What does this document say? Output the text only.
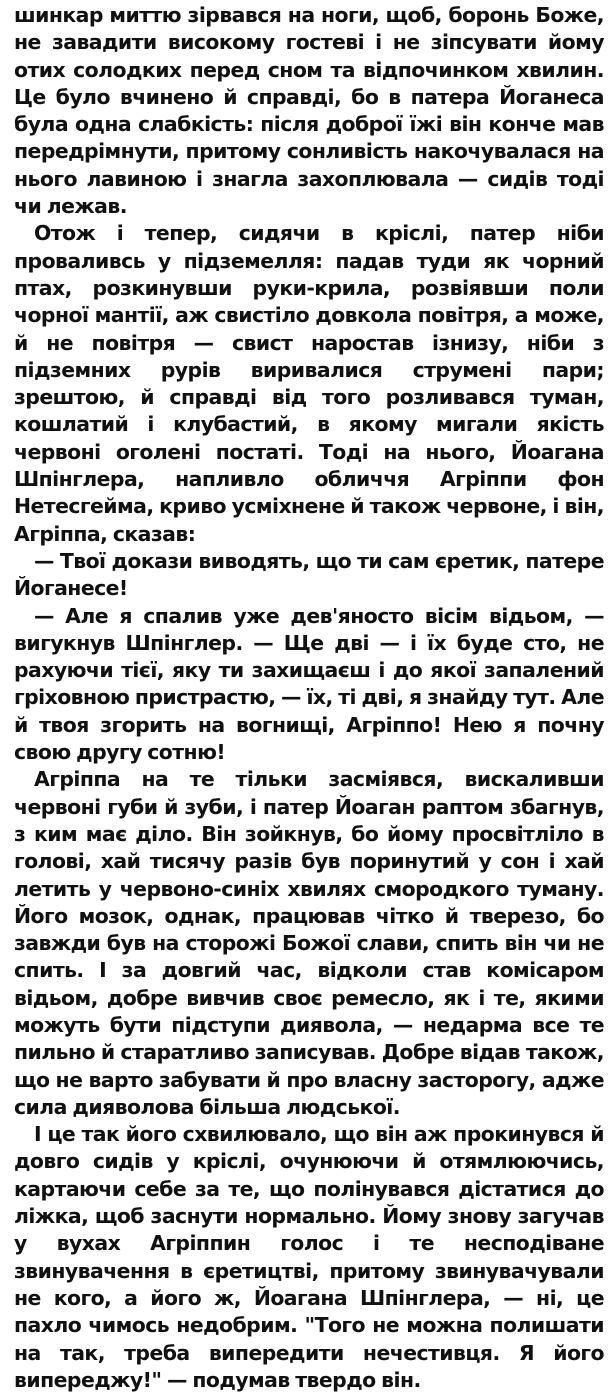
шинкар миттю зірвався на ноги, щоб, боронь Боже, не завадити високому гостеві і не зіпсувати йому отих солодких перед сном та відпочинком хвилин. Це було вчинено й справді, бо в патера Йоганеса була одна слабкість: після доброї їжі він конче мав передрімнути, притому сонливість накочувалася на нього лавиною і знагла захоплювала — сидів тоді чи лежав.

Отож і тепер, сидячи в кріслі, патер ніби проваливсь у підземелля: падав туди як чорний птах, розкинувши руки-крила, розвіявши поли чорної мантії, аж свистіло довкола повітря, а може, й не повітря — свист наростав ізнизу, ніби з підземних рурів виривалися струмені пари; зрештою, й справді від того розливався туман, кошлатий і клубастий, в якому мигали якість червоні оголені постаті. Тоді на нього, Йоагана Шпінглера, напливло обличчя Агріппи фон Нетесгейма, криво усміхнене й також червоне, і він, Агріппа, сказав:

— Твої докази виводять, що ти сам єретик, патере Йоганесе!

— Але я спалив уже дев'яносто вісім відьом, — вигукнув Шпінглер. — Ще дві — і їх буде сто, не рахуючи тієї, яку ти захищаєш і до якої запалений гріховною пристрастю, — їх, ті дві, я знайду тут. Але й твоя згорить на вогнищі, Агріппо! Нею я почну свою другу сотню!

Агріппа на те тільки засміявся, вискаливши червоні губи й зуби, і патер Йоаган раптом збагнув, з ким має діло. Він зойкнув, бо йому просвітліло в голові, хай тисячу разів був поринутий у сон і хай летить у червоно-синіх хвилях смородкого туману. Його мозок, однак, працював чітко й тверезо, бо завжди був на сторожі Божої слави, спить він чи не спить. І за довгий час, відколи став комісаром відьом, добре вивчив своє ремесло, як і те, якими можуть бути підступи диявола, — недарма все те пильно й старатливо записував. Добре відав також, що не варто забувати й про власну засторогу, адже сила дияволова більша людської.

І це так його схвилювало, що він аж прокинувся й довго сидів у кріслі, очунюючи й отямлюючись, картаючи себе за те, що полінувався дістатися до ліжка, щоб заснути нормально. Йому знову загучав у вухах Агріппин голос і те несподіване звинувачення в єретицтві, притому звинувачували не кого, а його ж, Йоагана Шпінглера, — ні, це пахло чимось недобрим. "Того не можна полишати на так, треба випередити нечестивця. Я його випереджу!" — подумав твердо він.
